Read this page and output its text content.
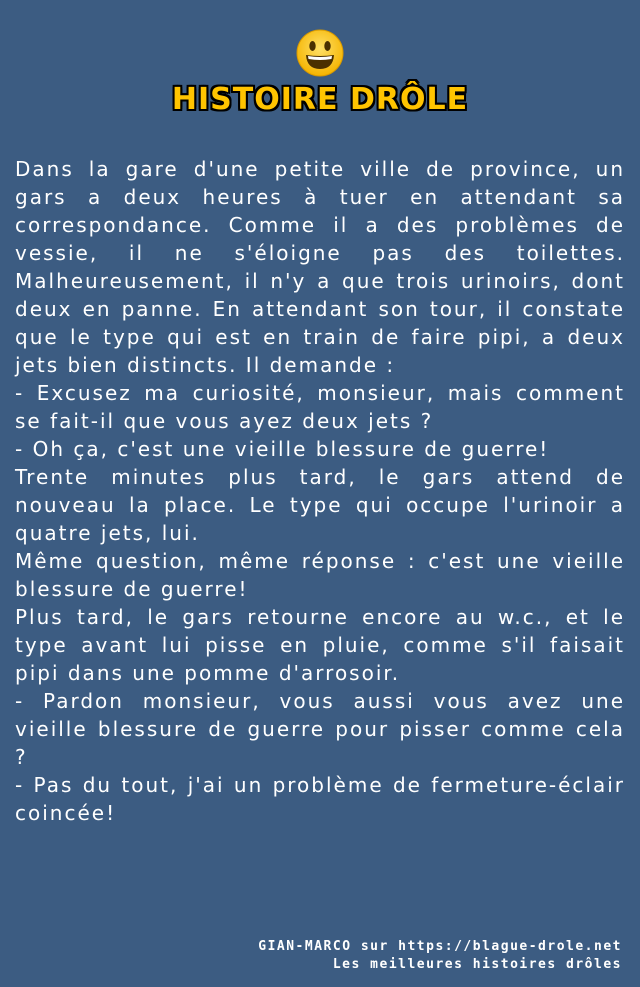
HISTOIRE DRÔLE

Dans la gare d'une petite ville de province, un gars a deux heures à tuer en attendant sa correspondance. Comme il a des problèmes de vessie, il ne s'éloigne pas des toilettes. Malheureusement, il n'y a que trois urinoirs, dont deux en panne. En attendant son tour, il constate que le type qui est en train de faire pipi, a deux jets bien distincts. Il demande :

- Excusez ma curiosité, monsieur, mais comment se fait-il que vous ayez deux jets ?

- Oh ça, c'est une vieille blessure de guerre!

Trente minutes plus tard, le gars attend de nouveau la place. Le type qui occupe l'urinoir a quatre jets, lui.

Même question, même réponse : c'est une vieille blessure de guerre!

Plus tard, le gars retourne encore au w.c., et le type avant lui pisse en pluie, comme s'il faisait pipi dans une pomme d'arrosoir.

- Pardon monsieur, vous aussi vous avez une vieille blessure de guerre pour pisser comme cela ?

- Pas du tout, j'ai un problème de fermeture-éclair coincée!

GIAN-MARCO sur https://blague-drole.net
Les meilleures histoires drôles
